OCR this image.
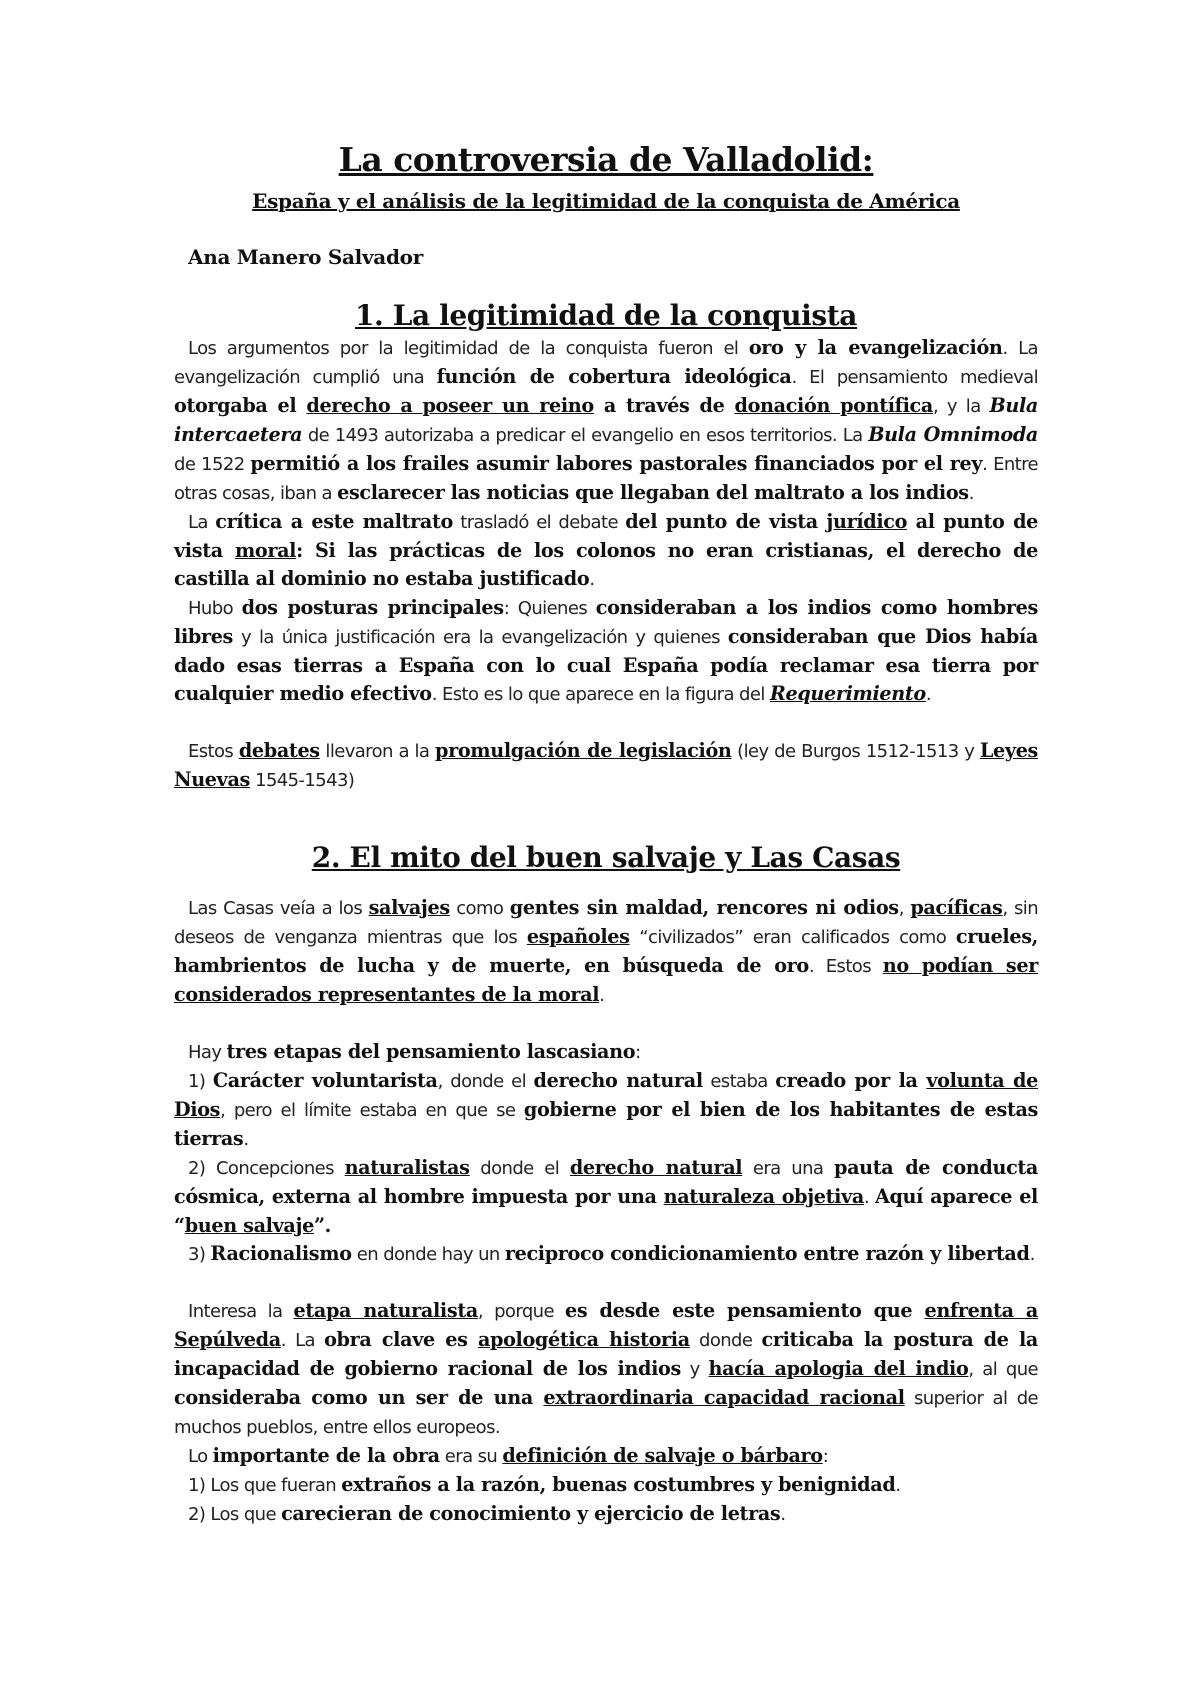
La controversia de Valladolid:
España y el análisis de la legitimidad de la conquista de América
Ana Manero Salvador
1. La legitimidad de la conquista

Los argumentos por la legitimidad de la conquista fueron el oro y la evangelización. La evangelización cumplió una función de cobertura ideológica. El pensamiento medieval otorgaba el derecho a poseer un reino a través de donación pontífica, y la Bula intercaetera de 1493 autorizaba a predicar el evangelio en esos territorios. La Bula Omnimoda de 1522 permitió a los frailes asumir labores pastorales financiados por el rey. Entre otras cosas, iban a esclarecer las noticias que llegaban del maltrato a los indios.

La crítica a este maltrato trasladó el debate del punto de vista jurídico al punto de vista moral: Si las prácticas de los colonos no eran cristianas, el derecho de castilla al dominio no estaba justificado.

Hubo dos posturas principales: Quienes consideraban a los indios como hombres libres y la única justificación era la evangelización y quienes consideraban que Dios había dado esas tierras a España con lo cual España podía reclamar esa tierra por cualquier medio efectivo. Esto es lo que aparece en la figura del Requerimiento.

Estos debates llevaron a la promulgación de legislación (ley de Burgos 1512-1513 y Leyes Nuevas 1545-1543)

2. El mito del buen salvaje y Las Casas

Las Casas veía a los salvajes como gentes sin maldad, rencores ni odios, pacíficas, sin deseos de venganza mientras que los españoles “civilizados” eran calificados como crueles, hambrientos de lucha y de muerte, en búsqueda de oro. Estos no podían ser considerados representantes de la moral.

Hay tres etapas del pensamiento lascasiano:

1) Carácter voluntarista, donde el derecho natural estaba creado por la volunta de Dios, pero el límite estaba en que se gobierne por el bien de los habitantes de estas tierras.

2) Concepciones naturalistas donde el derecho natural era una pauta de conducta cósmica, externa al hombre impuesta por una naturaleza objetiva. Aquí aparece el “buen salvaje”.

3) Racionalismo en donde hay un reciproco condicionamiento entre razón y libertad.

Interesa la etapa naturalista, porque es desde este pensamiento que enfrenta a Sepúlveda. La obra clave es apologética historia donde criticaba la postura de la incapacidad de gobierno racional de los indios y hacía apologia del indio, al que consideraba como un ser de una extraordinaria capacidad racional superior al de muchos pueblos, entre ellos europeos.

Lo importante de la obra era su definición de salvaje o bárbaro:

1) Los que fueran extraños a la razón, buenas costumbres y benignidad.

2) Los que carecieran de conocimiento y ejercicio de letras.
